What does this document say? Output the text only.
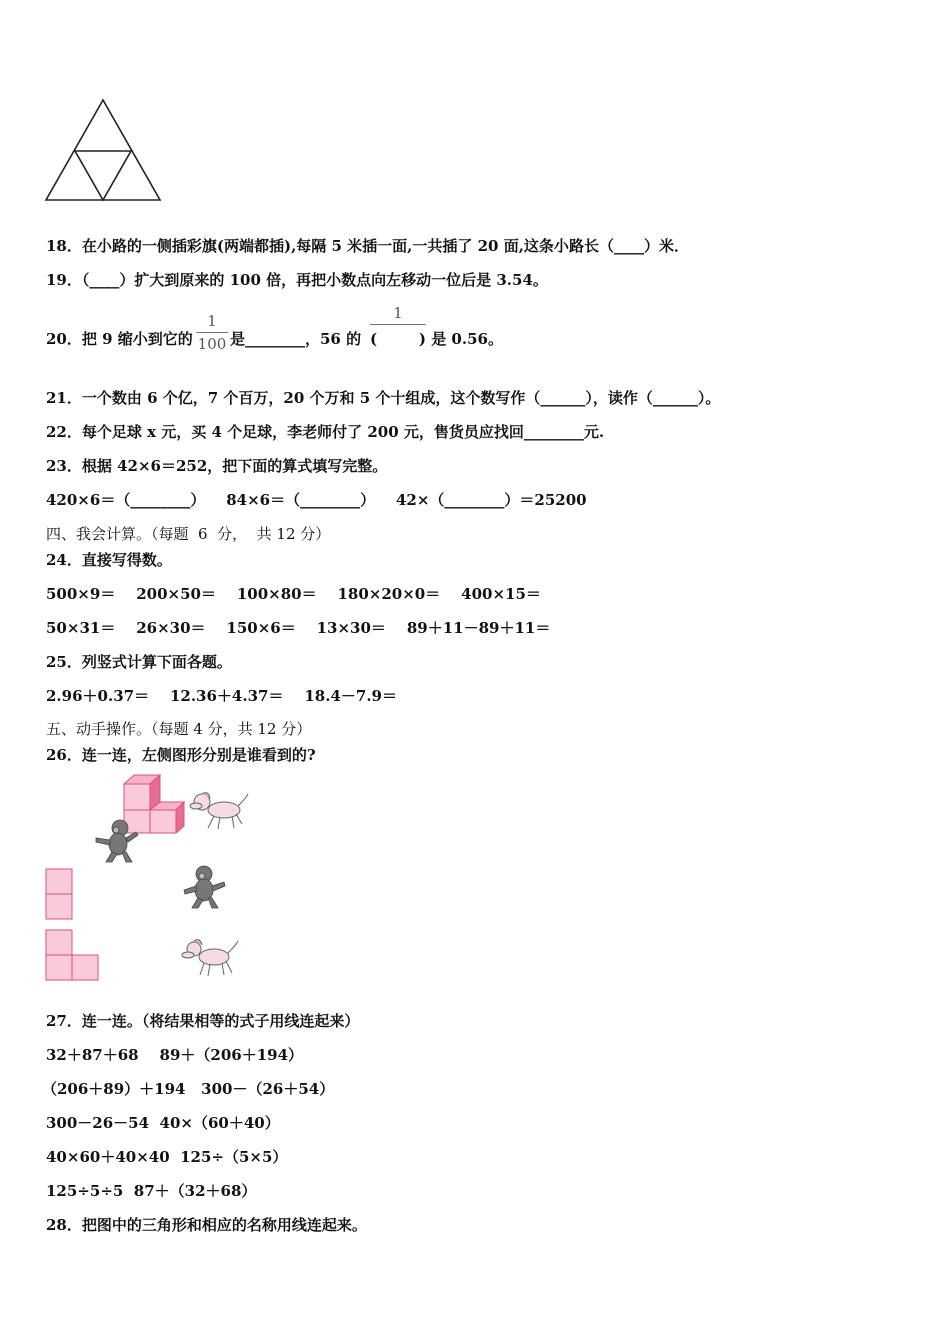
18．在小路的一侧插彩旗(两端都插),每隔 5 米插一面,一共插了 20 面,这条小路长（____）米．
19．（____）扩大到原来的 100 倍，再把小数点向左移动一位后是 3.54。
20．把 9 缩小到它的
1
100 是________，56 的
1
(        ) 是 0.56。
21．一个数由 6 个亿，7 个百万，20 个万和 5 个十组成，这个数写作（______），读作（______）。
22．每个足球 x 元，买 4 个足球，李老师付了 200 元，售货员应找回________元.
23．根据 42×6＝252，把下面的算式填写完整。
420×6＝（________）    84×6＝（________）    42×（________）＝25200
四、我会计算。（每题  6  分，  共 12 分）
24．直接写得数。
500×9＝    200×50＝    100×80＝    180×20×0＝    400×15＝
50×31＝    26×30＝    150×6＝    13×30＝    89＋11－89＋11＝
25．列竖式计算下面各题。
2.96＋0.37＝    12.36＋4.37＝    18.4－7.9＝
五、动手操作。（每题 4 分，共 12 分）
26．连一连，左侧图形分别是谁看到的?
27．连一连。（将结果相等的式子用线连起来）
32＋87＋68    89＋（206＋194）
（206＋89）＋194   300－（26＋54）
300－26－54  40×（60＋40）
40×60＋40×40  125÷（5×5）
125÷5÷5  87＋（32＋68）
28．把图中的三角形和相应的名称用线连起来。
